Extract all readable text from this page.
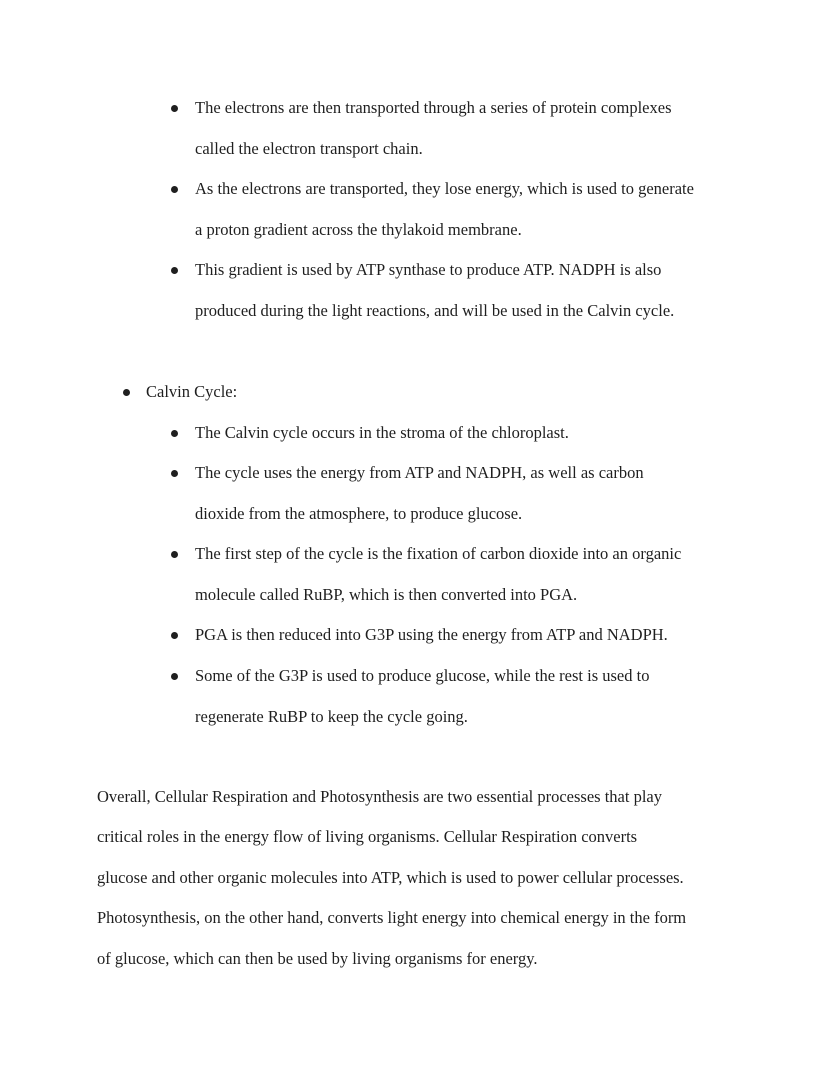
The electrons are then transported through a series of protein complexes
called the electron transport chain.
As the electrons are transported, they lose energy, which is used to generate
a proton gradient across the thylakoid membrane.
This gradient is used by ATP synthase to produce ATP. NADPH is also
produced during the light reactions, and will be used in the Calvin cycle.
Calvin Cycle:
The Calvin cycle occurs in the stroma of the chloroplast.
The cycle uses the energy from ATP and NADPH, as well as carbon
dioxide from the atmosphere, to produce glucose.
The first step of the cycle is the fixation of carbon dioxide into an organic
molecule called RuBP, which is then converted into PGA.
PGA is then reduced into G3P using the energy from ATP and NADPH.
Some of the G3P is used to produce glucose, while the rest is used to
regenerate RuBP to keep the cycle going.
Overall, Cellular Respiration and Photosynthesis are two essential processes that play
critical roles in the energy flow of living organisms. Cellular Respiration converts
glucose and other organic molecules into ATP, which is used to power cellular processes.
Photosynthesis, on the other hand, converts light energy into chemical energy in the form
of glucose, which can then be used by living organisms for energy.
